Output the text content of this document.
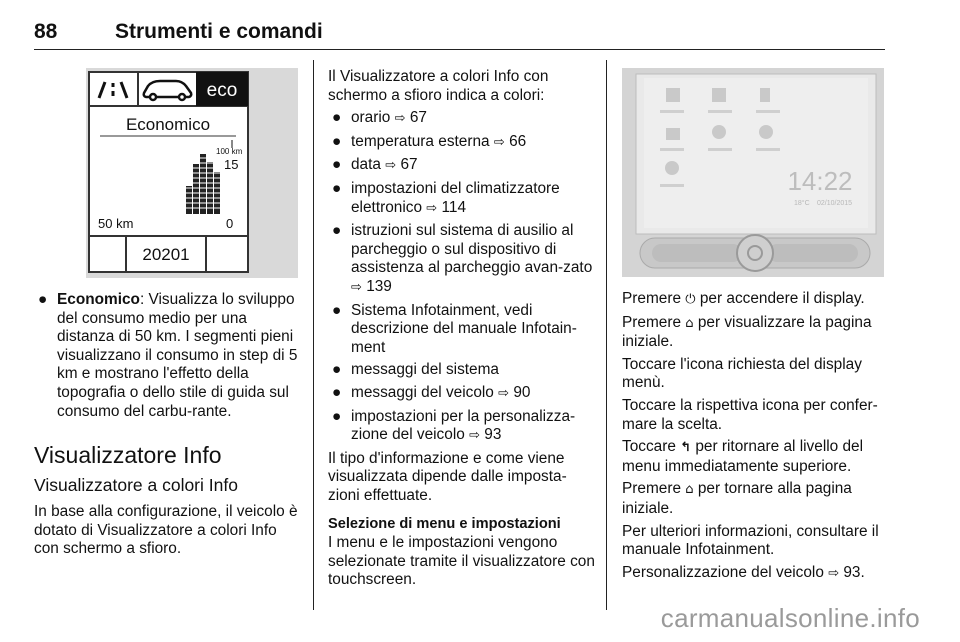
88	Strumenti e comandi
eco
Economico
100 km
15
50 km	0
20201
14:22
18°C 02/10/2015

● Economico: Visualizza lo sviluppo del consumo medio per una distanza di 50 km. I segmenti pieni visualizzano il consumo in step di 5 km e mostrano l'effetto della topografia o dello stile di guida sul consumo del carbu-rante.

Visualizzatore Info

Visualizzatore a colori Info

In base alla configurazione, il veicolo è dotato di Visualizzatore a colori Info con schermo a sfioro.

Il Visualizzatore a colori Info con schermo a sfioro indica a colori:

● orario ⇨ 67

● temperatura esterna ⇨ 66

● data ⇨ 67

● impostazioni del climatizzatore elettronico ⇨ 114

● istruzioni sul sistema di ausilio al parcheggio o sul dispositivo di assistenza al parcheggio avan-zato ⇨ 139

● Sistema Infotainment, vedi descrizione del manuale Infotain-ment

● messaggi del sistema

● messaggi del veicolo ⇨ 90

● impostazioni per la personalizza-zione del veicolo ⇨ 93

Il tipo d'informazione e come viene visualizzata dipende dalle imposta-zioni effettuate.

Selezione di menu e impostazioni

I menu e le impostazioni vengono selezionate tramite il visualizzatore con touchscreen.

Premere ⏻ per accendere il display.

Premere ⌂ per visualizzare la pagina iniziale.

Toccare l'icona richiesta del display menù.

Toccare la rispettiva icona per confer-mare la scelta.

Toccare ↰ per ritornare al livello del menu immediatamente superiore.

Premere ⌂ per tornare alla pagina iniziale.

Per ulteriori informazioni, consultare il manuale Infotainment.

Personalizzazione del veicolo ⇨ 93.

carmanualsonline.info
